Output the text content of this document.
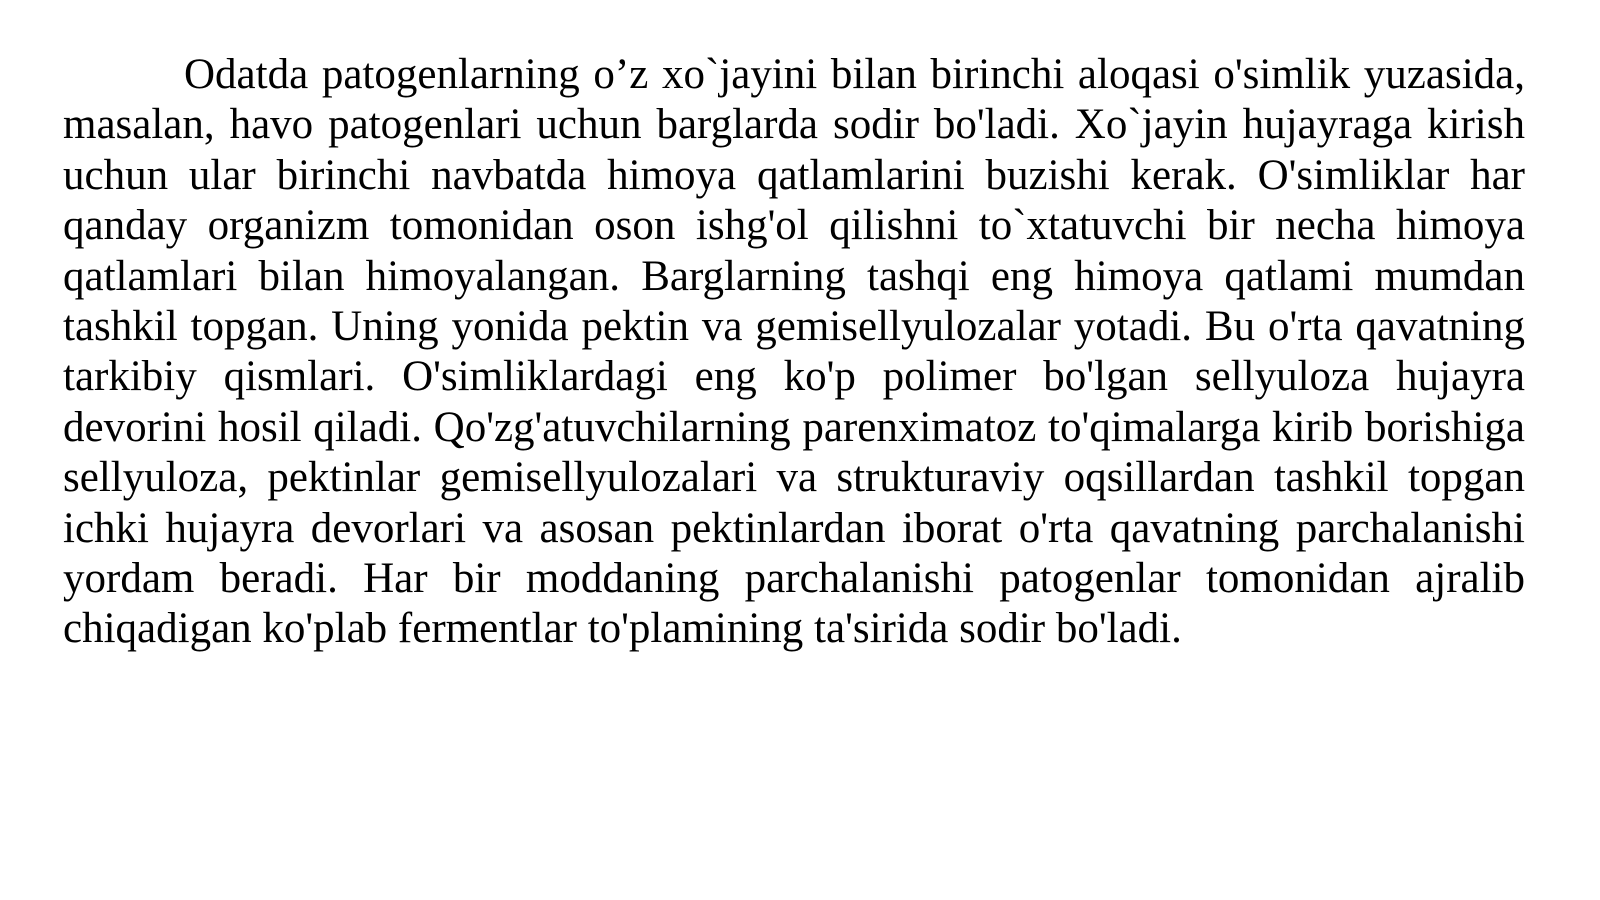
Odatda patogenlarning o’z xo`jayini bilan birinchi aloqasi o'simlik yuzasida, masalan, havo patogenlari uchun barglarda sodir bo'ladi. Xo`jayin hujayraga kirish uchun ular birinchi navbatda himoya qatlamlarini buzishi kerak. O'simliklar har qanday organizm tomonidan oson ishg'ol qilishni to`xtatuvchi bir necha himoya qatlamlari bilan himoyalangan. Barglarning tashqi eng himoya qatlami mumdan tashkil topgan. Uning yonida pektin va gemisellyulozalar yotadi. Bu o'rta qavatning tarkibiy qismlari. O'simliklardagi eng ko'p polimer bo'lgan sellyuloza hujayra devorini hosil qiladi. Qo'zg'atuvchilarning parenximatoz to'qimalarga kirib borishiga sellyuloza, pektinlar gemisellyulozalari va strukturaviy oqsillardan tashkil topgan ichki hujayra devorlari va asosan pektinlardan iborat o'rta qavatning parchalanishi yordam beradi. Har bir moddaning parchalanishi patogenlar tomonidan ajralib chiqadigan ko'plab fermentlar to'plamining ta'sirida sodir bo'ladi.
